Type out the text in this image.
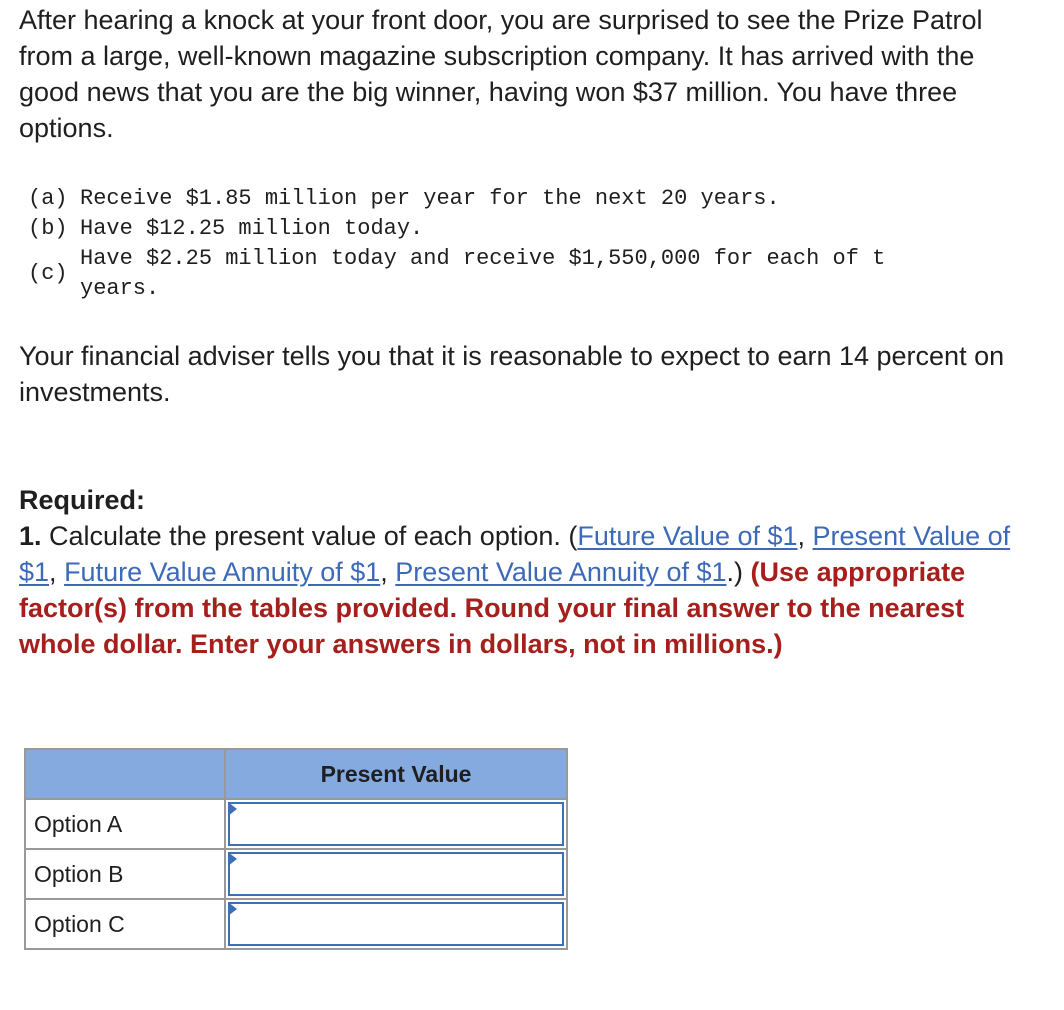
After hearing a knock at your front door, you are surprised to see the Prize Patrol from a large, well-known magazine subscription company. It has arrived with the good news that you are the big winner, having won $37 million. You have three options.

(a) Receive $1.85 million per year for the next 20 years.
(b) Have $12.25 million today.
(c)
Have $2.25 million today and receive $1,550,000 for each of t
years.

Your financial adviser tells you that it is reasonable to expect to earn 14 percent on investments.

Required:
1. Calculate the present value of each option. (Future Value of $1, Present Value of $1, Future Value Annuity of $1, Present Value Annuity of $1.) (Use appropriate factor(s) from the tables provided. Round your final answer to the nearest whole dollar. Enter your answers in dollars, not in millions.)
	Present Value
Option A	

Option B	

Option C	
